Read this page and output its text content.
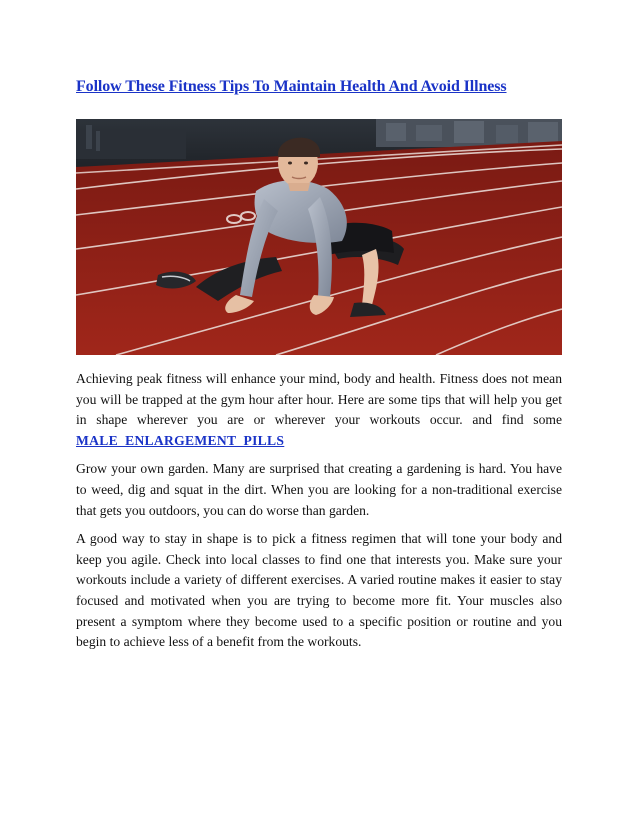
Follow These Fitness Tips To Maintain Health And Avoid Illness

Achieving peak fitness will enhance your mind, body and health. Fitness does not mean you will be trapped at the gym hour after hour. Here are some tips that will help you get in shape wherever you are or wherever your workouts occur. and find some MALE_ENLARGEMENT_PILLS

Grow your own garden. Many are surprised that creating a gardening is hard. You have to weed, dig and squat in the dirt. When you are looking for a non-traditional exercise that gets you outdoors, you can do worse than garden.

A good way to stay in shape is to pick a fitness regimen that will tone your body and keep you agile. Check into local classes to find one that interests you. Make sure your workouts include a variety of different exercises. A varied routine makes it easier to stay focused and motivated when you are trying to become more fit. Your muscles also present a symptom where they become used to a specific position or routine and you begin to achieve less of a benefit from the workouts.
